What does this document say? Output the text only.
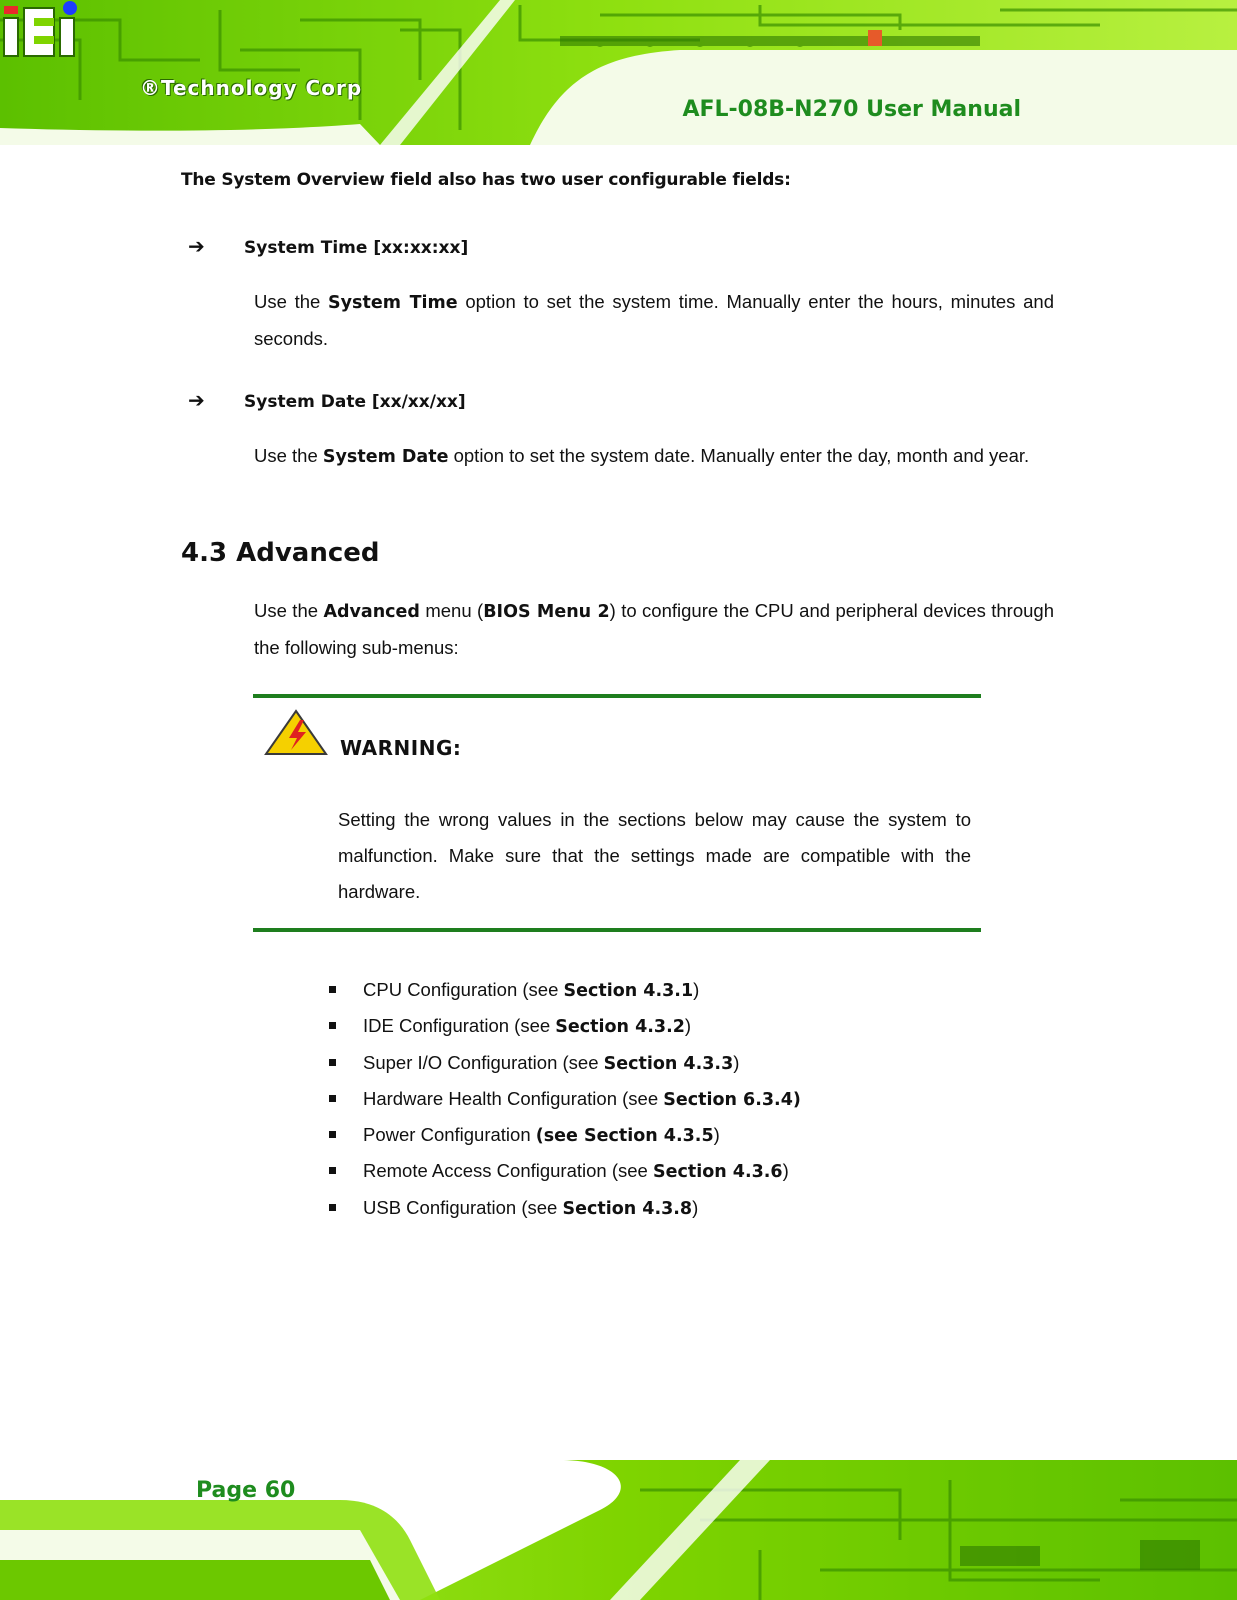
®Technology Corp
AFL-08B-N270 User Manual
The System Overview field also has two user configurable fields:
➔ System Time [xx:xx:xx]
Use the System Time option to set the system time. Manually enter the hours, minutes and seconds.
➔ System Date [xx/xx/xx]
Use the System Date option to set the system date. Manually enter the day, month and year.
4.3 Advanced
Use the Advanced menu (BIOS Menu 2) to configure the CPU and peripheral devices through the following sub-menus:
WARNING:
Setting the wrong values in the sections below may cause the system to malfunction. Make sure that the settings made are compatible with the hardware.
CPU Configuration (see Section 4.3.1)
IDE Configuration (see Section 4.3.2)
Super I/O Configuration (see Section 4.3.3)
Hardware Health Configuration (see Section 6.3.4)
Power Configuration (see Section 4.3.5)
Remote Access Configuration (see Section 4.3.6)
USB Configuration (see Section 4.3.8)
Page 60
